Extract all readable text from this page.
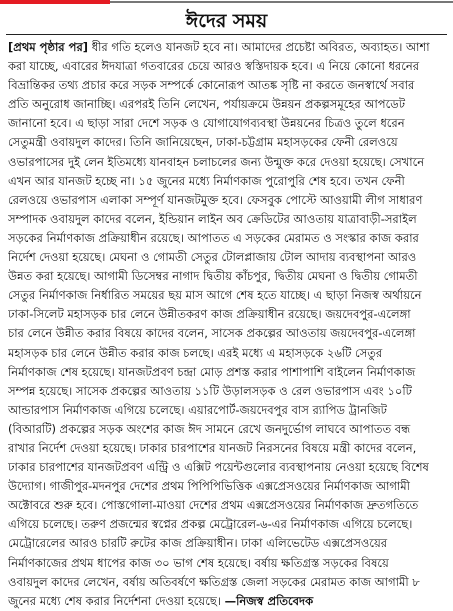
ঈদের সময়
[প্রথম পৃষ্ঠার পর] ধীর গতি হলেও যানজট হবে না। আমাদের প্রচেষ্টা অবিরত, অব্যাহত। আশা
করা যাচ্ছে, এবারের ঈদযাত্রা গতবারের চেয়ে আরও স্বস্তিদায়ক হবে। এ নিয়ে কোনো ধরনের
বিভ্রান্তিকর তথ্য প্রচার করে সড়ক সম্পর্কে কোনোরূপ আতঙ্ক সৃষ্টি না করতে জনস্বার্থে সবার
প্রতি অনুরোধ জানাচ্ছি। এরপরই তিনি লেখেন, পর্যায়ক্রমে উন্নয়ন প্রকল্পসমূহের আপডেট
জানানো হবে। এ ছাড়া সারা দেশে সড়ক ও যোগাযোগব্যবস্থা উন্নয়নের চিত্রও তুলে ধরেন
সেতুমন্ত্রী ওবায়দুল কাদের। তিনি জানিয়েছেন, ঢাকা-চট্টগ্রাম মহাসড়কের ফেনী রেলওয়ে
ওভারপাসের দুই লেন ইতিমধ্যে যানবাহন চলাচলের জন্য উন্মুক্ত করে দেওয়া হয়েছে। সেখানে
এখন আর যানজট হচ্ছে না। ১৫ জুনের মধ্যে নির্মাণকাজ পুরোপুরি শেষ হবে। তখন ফেনী
রেলওয়ে ওভারপাস এলাকা সম্পূর্ণ যানজটমুক্ত হবে। ফেসবুক পোস্টে আওয়ামী লীগ সাধারণ
সম্পাদক ওবায়দুল কাদের বলেন, ইন্ডিয়ান লাইন অব ক্রেডিটের আওতায় যাত্রাবাড়ী-সরাইল
সড়কের নির্মাণকাজ প্রক্রিয়াধীন রয়েছে। আপাতত এ সড়কের মেরামত ও সংস্কার কাজ করার
নির্দেশ দেওয়া হয়েছে। মেঘনা ও গোমতী সেতুর টোলপ্লাজায় টোল আদায় ব্যবস্থাপনা আরও
উন্নত করা হয়েছে। আগামী ডিসেম্বর নাগাদ দ্বিতীয় কাঁচপুর, দ্বিতীয় মেঘনা ও দ্বিতীয় গোমতী
সেতুর নির্মাণকাজ নির্ধারিত সময়ের ছয় মাস আগে শেষ হতে যাচ্ছে। এ ছাড়া নিজস্ব অর্থায়নে
ঢাকা-সিলেট মহাসড়ক চার লেনে উন্নীতকরণ কাজ প্রক্রিয়াধীন রয়েছে। জয়দেবপুর-এলেঙ্গা
চার লেনে উন্নীত করার বিষয়ে কাদের বলেন, সাসেক প্রকল্পের আওতায় জয়দেবপুর-এলেঙ্গা
মহাসড়ক চার লেনে উন্নীত করার কাজ চলছে। এরই মধ্যে এ মহাসড়কে ২৬টি সেতুর
নির্মাণকাজ শেষ হয়েছে। যানজটপ্রবণ চন্দ্রা মোড় প্রশস্ত করার পাশাপাশি বাইলেন নির্মাণকাজ
সম্পন্ন হয়েছে। সাসেক প্রকল্পের আওতায় ১১টি উড়ালসড়ক ও রেল ওভারপাস এবং ১০টি
আন্ডারপাস নির্মাণকাজ এগিয়ে চলেছে। এয়ারপোর্ট-জয়দেবপুর বাস র‌্যাপিড ট্রানজিট
(বিআরটি) প্রকল্পের সড়ক অংশের কাজ ঈদ সামনে রেখে জনদুর্ভোগ লাঘবে আপাতত বন্ধ
রাখার নির্দেশ দেওয়া হয়েছে। ঢাকার চারপাশের যানজট নিরসনের বিষয়ে মন্ত্রী কাদের বলেন,
ঢাকার চারপাশের যানজটপ্রবণ এন্ট্রি ও এক্সিট পয়েন্টগুলোর ব্যবস্থাপনায় নেওয়া হয়েছে বিশেষ
উদ্যোগ। গাজীপুর-মদনপুর দেশের প্রথম পিপিপিভিত্তিক এক্সপ্রেসওয়ের নির্মাণকাজ আগামী
অক্টোবরে শুরু হবে। পোস্তগোলা-মাওয়া দেশের প্রথম এক্সপ্রেসওয়ের নির্মাণকাজ দ্রুতগতিতে
এগিয়ে চলেছে। তরুণ প্রজন্মের স্বপ্নের প্রকল্প মেট্রোরেল-৬-এর নির্মাণকাজ এগিয়ে চলেছে।
মেট্রোরেলের আরও চারটি রুটের কাজ প্রক্রিয়াধীন। ঢাকা এলিভেটেড এক্সপ্রেসওয়ের
নির্মাণকাজের প্রথম ধাপের কাজ ৩০ ভাগ শেষ হয়েছে। বর্ষায় ক্ষতিগ্রস্ত সড়কের বিষয়ে
ওবায়দুল কাদের লেখেন, বর্ষায় অতিবর্ষণে ক্ষতিগ্রস্ত জেলা সড়কের মেরামত কাজ আগামী ৮
জুনের মধ্যে শেষ করার নির্দেশনা দেওয়া হয়েছে। —নিজস্ব প্রতিবেদক
